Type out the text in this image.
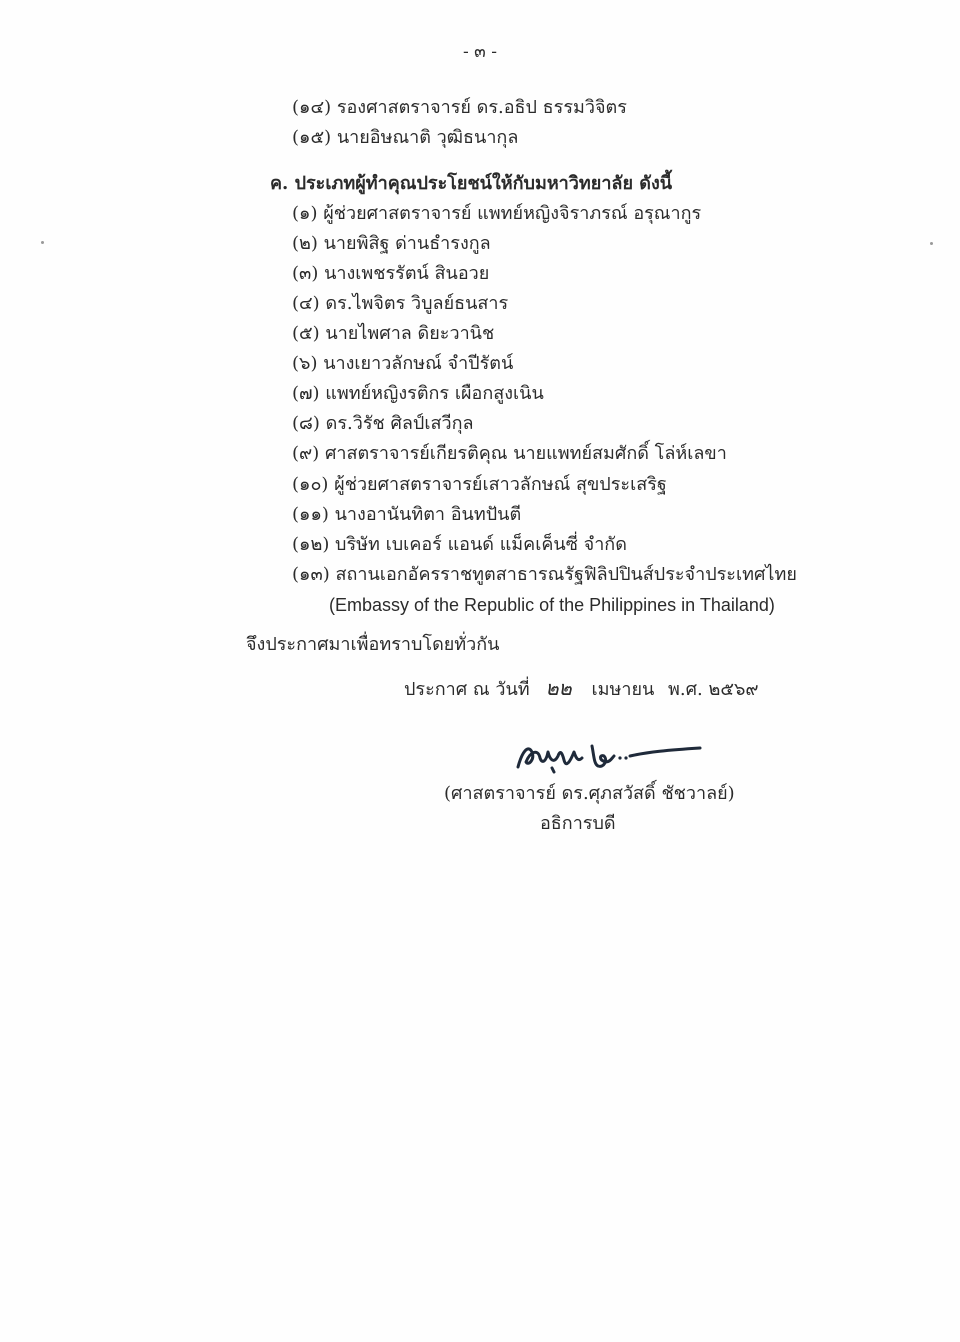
- ๓ -
(๑๔) รองศาสตราจารย์ ดร.อธิป ธรรมวิจิตร
(๑๕) นายอิษณาติ วุฒิธนากุล
ค. ประเภทผู้ทำคุณประโยชน์ให้กับมหาวิทยาลัย ดังนี้
(๑) ผู้ช่วยศาสตราจารย์ แพทย์หญิงจิราภรณ์ อรุณากูร
(๒) นายพิสิฐ ด่านธำรงกูล
(๓) นางเพชรรัตน์ สินอวย
(๔) ดร.ไพจิตร วิบูลย์ธนสาร
(๕) นายไพศาล ดิยะวานิช
(๖) นางเยาวลักษณ์ จำปีรัตน์
(๗) แพทย์หญิงรติกร เผือกสูงเนิน
(๘) ดร.วิรัช ศิลป์เสวีกุล
(๙) ศาสตราจารย์เกียรติคุณ นายแพทย์สมศักดิ์ โล่ห์เลขา
(๑๐) ผู้ช่วยศาสตราจารย์เสาวลักษณ์ สุขประเสริฐ
(๑๑) นางอานันทิตา อินทปันตี
(๑๒) บริษัท เบเคอร์ แอนด์ แม็คเค็นซี่ จำกัด
(๑๓) สถานเอกอัครราชทูตสาธารณรัฐฟิลิปปินส์ประจำประเทศไทย
(Embassy of the Republic of the Philippines in Thailand)
จึงประกาศมาเพื่อทราบโดยทั่วกัน
ประกาศ ณ วันที่ ๒๒ เมษายน พ.ศ. ๒๕๖๙
(ศาสตราจารย์ ดร.ศุภสวัสดิ์ ชัชวาลย์)
อธิการบดี
